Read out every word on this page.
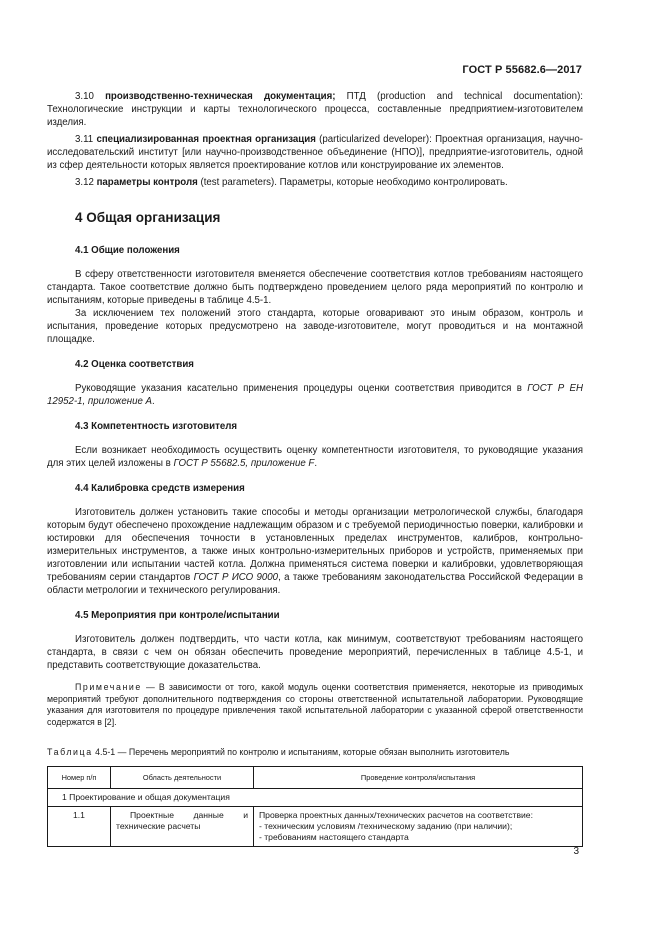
ГОСТ Р 55682.6—2017

3.10 производственно-техническая документация; ПТД (production and technical documentation): Технологические инструкции и карты технологического процесса, составленные предприятием-изготовителем изделия.

3.11 специализированная проектная организация (particularized developer): Проектная организация, научно-исследовательский институт [или научно-производственное объединение (НПО)], предприятие-изготовитель, одной из сфер деятельности которых является проектирование котлов или конструирование их элементов.

3.12 параметры контроля (test parameters). Параметры, которые необходимо контролировать.

4 Общая организация
4.1 Общие положения

В сферу ответственности изготовителя вменяется обеспечение соответствия котлов требованиям настоящего стандарта. Такое соответствие должно быть подтверждено проведением целого ряда мероприятий по контролю и испытаниям, которые приведены в таблице 4.5-1.

За исключением тех положений этого стандарта, которые оговаривают это иным образом, контроль и испытания, проведение которых предусмотрено на заводе-изготовителе, могут проводиться и на монтажной площадке.

4.2 Оценка соответствия

Руководящие указания касательно применения процедуры оценки соответствия приводится в ГОСТ Р ЕН 12952-1, приложение А.

4.3 Компетентность изготовителя

Если возникает необходимость осуществить оценку компетентности изготовителя, то руководящие указания для этих целей изложены в ГОСТ Р 55682.5, приложение F.

4.4 Калибровка средств измерения

Изготовитель должен установить такие способы и методы организации метрологической службы, благодаря которым будут обеспечено прохождение надлежащим образом и с требуемой периодичностью поверки, калибровки и юстировки для обеспечения точности в установленных пределах инструментов, калибров, контрольно-измерительных инструментов, а также иных контрольно-измерительных приборов и устройств, применяемых при изготовлении или испытании частей котла. Должна применяться система поверки и калибровки, удовлетворяющая требованиям серии стандартов ГОСТ Р ИСО 9000, а также требованиям законодательства Российской Федерации в области метрологии и технического регулирования.

4.5 Мероприятия при контроле/испытании

Изготовитель должен подтвердить, что части котла, как минимум, соответствуют требованиям настоящего стандарта, в связи с чем он обязан обеспечить проведение мероприятий, перечисленных в таблице 4.5-1, и представить соответствующие доказательства.

Примечание — В зависимости от того, какой модуль оценки соответствия применяется, некоторые из приводимых мероприятий требуют дополнительного подтверждения со стороны ответственной испытательной лаборатории. Руководящие указания для изготовителя по процедуре привлечения такой испытательной лаборатории с указанной сферой ответственности содержатся в [2].

Таблица 4.5-1 — Перечень мероприятий по контролю и испытаниям, которые обязан выполнить изготовитель

Номер п/п	Область деятельности	Проведение контроля/испытания
1 Проектирование и общая документация		
1.1	Проектные данные и технические расчеты	Проверка проектных данных/технических расчетов на соответствие:
- техническим условиям /техническому заданию (при наличии);
- требованиям настоящего стандарта
3
